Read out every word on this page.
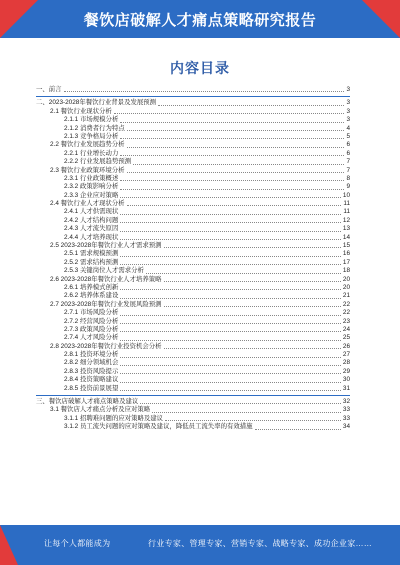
餐饮店破解人才痛点策略研究报告
内容目录
一、前言	3
二、2023-2028年餐饮行业背景及发展预测	3
2.1 餐饮行业现状分析	3
2.1.1 市场规模分析	3
2.1.2 消费者行为特点	4
2.1.3 竞争格局分析	5
2.2 餐饮行业发展趋势分析	6
2.2.1 行业增长动力	6
2.2.2 行业发展趋势预测	7
2.3 餐饮行业政策环境分析	7
2.3.1 行业政策概述	8
2.3.2 政策影响分析	9
2.3.3 企业应对策略	10
2.4 餐饮行业人才现状分析	11
2.4.1 人才供需现状	11
2.4.2 人才结构问题	12
2.4.3 人才流失原因	13
2.4.4 人才培养现状	14
2.5 2023-2028年餐饮行业人才需求预测	15
2.5.1 需求规模预测	16
2.5.2 需求结构预测	17
2.5.3 关键岗位人才需求分析	18
2.6 2023-2028年餐饮行业人才培养策略	20
2.6.1 培养模式创新	20
2.6.2 培养体系建设	21
2.7 2023-2028年餐饮行业发展风险预测	22
2.7.1 市场风险分析	22
2.7.2 经营风险分析	23
2.7.3 政策风险分析	24
2.7.4 人才风险分析	25
2.8 2023-2028年餐饮行业投资机会分析	26
2.8.1 投资环境分析	27
2.8.2 细分领域机会	28
2.8.3 投资风险提示	29
2.8.4 投资策略建议	30
2.8.5 投资前景展望	31
三、餐饮店破解人才痛点策略及建议	32
3.1 餐饮店人才痛点分析及应对策略	33
3.1.1 招聘难问题的应对策略及建议	33
3.1.2 员工流失问题的应对策略及建议，降低员工流失率的有效措施	34
让每个人都能成为	行业专家、管理专家、营销专家、战略专家、成功企业家……
